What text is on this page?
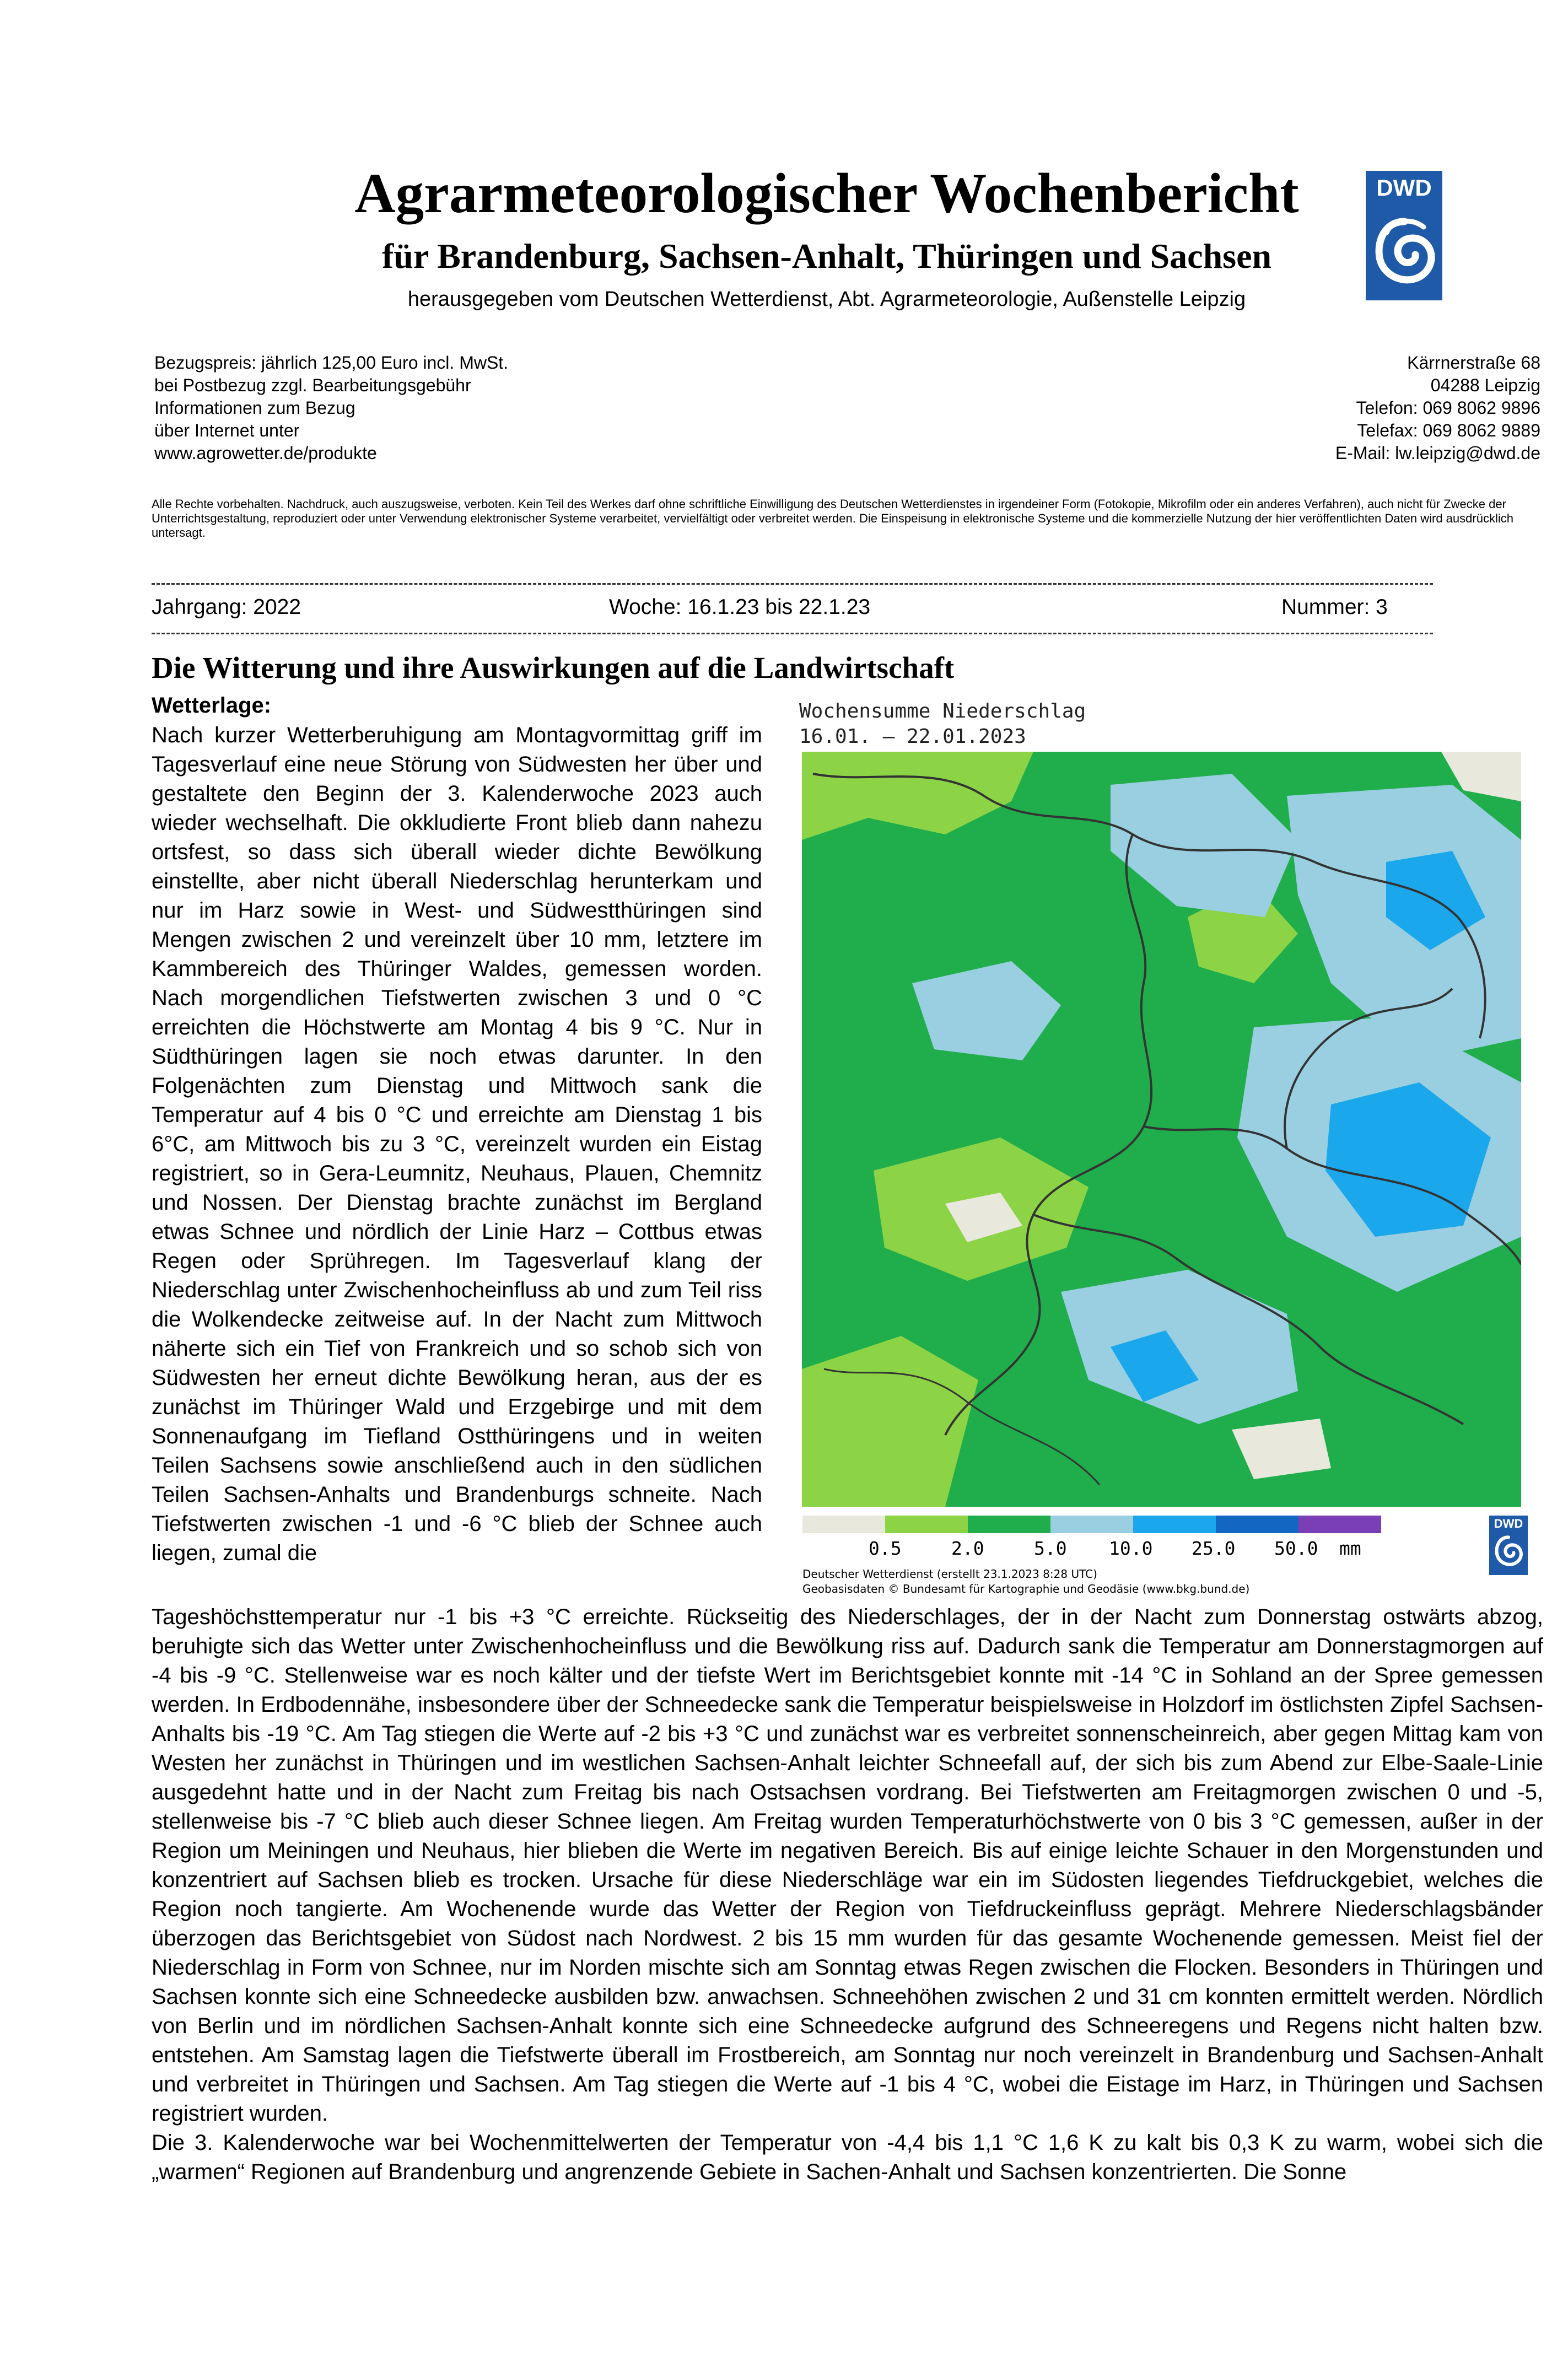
Agrarmeteorologischer Wochenbericht
für Brandenburg, Sachsen-Anhalt, Thüringen und Sachsen

herausgegeben vom Deutschen Wetterdienst, Abt. Agrarmeteorologie, Außenstelle Leipzig

DWD
Bezugspreis: jährlich 125,00 Euro incl. MwSt.
bei Postbezug zzgl. Bearbeitungsgebühr
Informationen zum Bezug
über Internet unter
www.agrowetter.de/produkte
Kärrnerstraße 68
04288 Leipzig
Telefon: 069 8062 9896
Telefax: 069 8062 9889
E-Mail: lw.leipzig@dwd.de
Alle Rechte vorbehalten. Nachdruck, auch auszugsweise, verboten. Kein Teil des Werkes darf ohne schriftliche Einwilligung des Deutschen Wetterdienstes in irgendeiner Form (Fotokopie, Mikrofilm oder ein anderes Verfahren), auch nicht für Zwecke der Unterrichtsgestaltung, reproduziert oder unter Verwendung elektronischer Systeme verarbeitet, vervielfältigt oder verbreitet werden. Die Einspeisung in elektronische Systeme und die kommerzielle Nutzung der hier veröffentlichten Daten wird ausdrücklich untersagt.
Jahrgang: 2022	Woche: 16.1.23 bis 22.1.23	Nummer: 3
Die Witterung und ihre Auswirkungen auf die Landwirtschaft
Wetterlage:

Nach kurzer Wetterberuhigung am Montagvormittag griff im Tagesverlauf eine neue Störung von Südwesten her über und gestaltete den Beginn der 3. Kalenderwoche 2023 auch wieder wechselhaft. Die okkludierte Front blieb dann nahezu ortsfest, so dass sich überall wieder dichte Bewölkung einstellte, aber nicht überall Niederschlag herunterkam und nur im Harz sowie in West- und Südwestthüringen sind Mengen zwischen 2 und vereinzelt über 10 mm, letztere im Kammbereich des Thüringer Waldes, gemessen worden. Nach morgendlichen Tiefstwerten zwischen 3 und 0 °C erreichten die Höchstwerte am Montag 4 bis 9 °C. Nur in Südthüringen lagen sie noch etwas darunter. In den Folgenächten zum Dienstag und Mittwoch sank die Temperatur auf 4 bis 0 °C und erreichte am Dienstag 1 bis 6°C, am Mittwoch bis zu 3 °C, vereinzelt wurden ein Eistag registriert, so in Gera-Leumnitz, Neuhaus, Plauen, Chemnitz und Nossen. Der Dienstag brachte zunächst im Bergland etwas Schnee und nördlich der Linie Harz – Cottbus etwas Regen oder Sprühregen. Im Tagesverlauf klang der Niederschlag unter Zwischenhocheinfluss ab und zum Teil riss die Wolkendecke zeitweise auf. In der Nacht zum Mittwoch näherte sich ein Tief von Frankreich und so schob sich von Südwesten her erneut dichte Bewölkung heran, aus der es zunächst im Thüringer Wald und Erzgebirge und mit dem Sonnenaufgang im Tiefland Ostthüringens und in weiten Teilen Sachsens sowie anschließend auch in den südlichen Teilen Sachsen-Anhalts und Brandenburgs schneite. Nach Tiefstwerten zwischen -1 und -6 °C blieb der Schnee auch liegen, zumal die

Wochensumme Niederschlag
16.01. – 22.01.2023
0.5	2.0	5.0 10.0 25.0 50.0 mm
Deutscher Wetterdienst (erstellt 23.1.2023 8:28 UTC)
Geobasisdaten © Bundesamt für Kartographie und Geodäsie (www.bkg.bund.de)
DWD

Tageshöchsttemperatur nur -1 bis +3 °C erreichte. Rückseitig des Niederschlages, der in der Nacht zum Donnerstag ostwärts abzog, beruhigte sich das Wetter unter Zwischenhocheinfluss und die Bewölkung riss auf. Dadurch sank die Temperatur am Donnerstagmorgen auf -4 bis -9 °C. Stellenweise war es noch kälter und der tiefste Wert im Berichtsgebiet konnte mit -14 °C in Sohland an der Spree gemessen werden. In Erdbodennähe, insbesondere über der Schneedecke sank die Temperatur beispielsweise in Holzdorf im östlichsten Zipfel Sachsen-Anhalts bis -19 °C. Am Tag stiegen die Werte auf -2 bis +3 °C und zunächst war es verbreitet sonnenscheinreich, aber gegen Mittag kam von Westen her zunächst in Thüringen und im westlichen Sachsen-Anhalt leichter Schneefall auf, der sich bis zum Abend zur Elbe-Saale-Linie ausgedehnt hatte und in der Nacht zum Freitag bis nach Ostsachsen vordrang. Bei Tiefstwerten am Freitagmorgen zwischen 0 und -5, stellenweise bis -7 °C blieb auch dieser Schnee liegen. Am Freitag wurden Temperaturhöchstwerte von 0 bis 3 °C gemessen, außer in der Region um Meiningen und Neuhaus, hier blieben die Werte im negativen Bereich. Bis auf einige leichte Schauer in den Morgenstunden und konzentriert auf Sachsen blieb es trocken. Ursache für diese Niederschläge war ein im Südosten liegendes Tiefdruckgebiet, welches die Region noch tangierte. Am Wochenende wurde das Wetter der Region von Tiefdruckeinfluss geprägt. Mehrere Niederschlagsbänder überzogen das Berichtsgebiet von Südost nach Nordwest. 2 bis 15 mm wurden für das gesamte Wochenende gemessen. Meist fiel der Niederschlag in Form von Schnee, nur im Norden mischte sich am Sonntag etwas Regen zwischen die Flocken. Besonders in Thüringen und Sachsen konnte sich eine Schneedecke ausbilden bzw. anwachsen. Schneehöhen zwischen 2 und 31 cm konnten ermittelt werden. Nördlich von Berlin und im nördlichen Sachsen-Anhalt konnte sich eine Schneedecke aufgrund des Schneeregens und Regens nicht halten bzw. entstehen. Am Samstag lagen die Tiefstwerte überall im Frostbereich, am Sonntag nur noch vereinzelt in Brandenburg und Sachsen-Anhalt und verbreitet in Thüringen und Sachsen. Am Tag stiegen die Werte auf -1 bis 4 °C, wobei die Eistage im Harz, in Thüringen und Sachsen registriert wurden.

Die 3. Kalenderwoche war bei Wochenmittelwerten der Temperatur von -4,4 bis 1,1 °C 1,6 K zu kalt bis 0,3 K zu warm, wobei sich die „warmen“ Regionen auf Brandenburg und angrenzende Gebiete in Sachen-Anhalt und Sachsen konzentrierten. Die Sonne
